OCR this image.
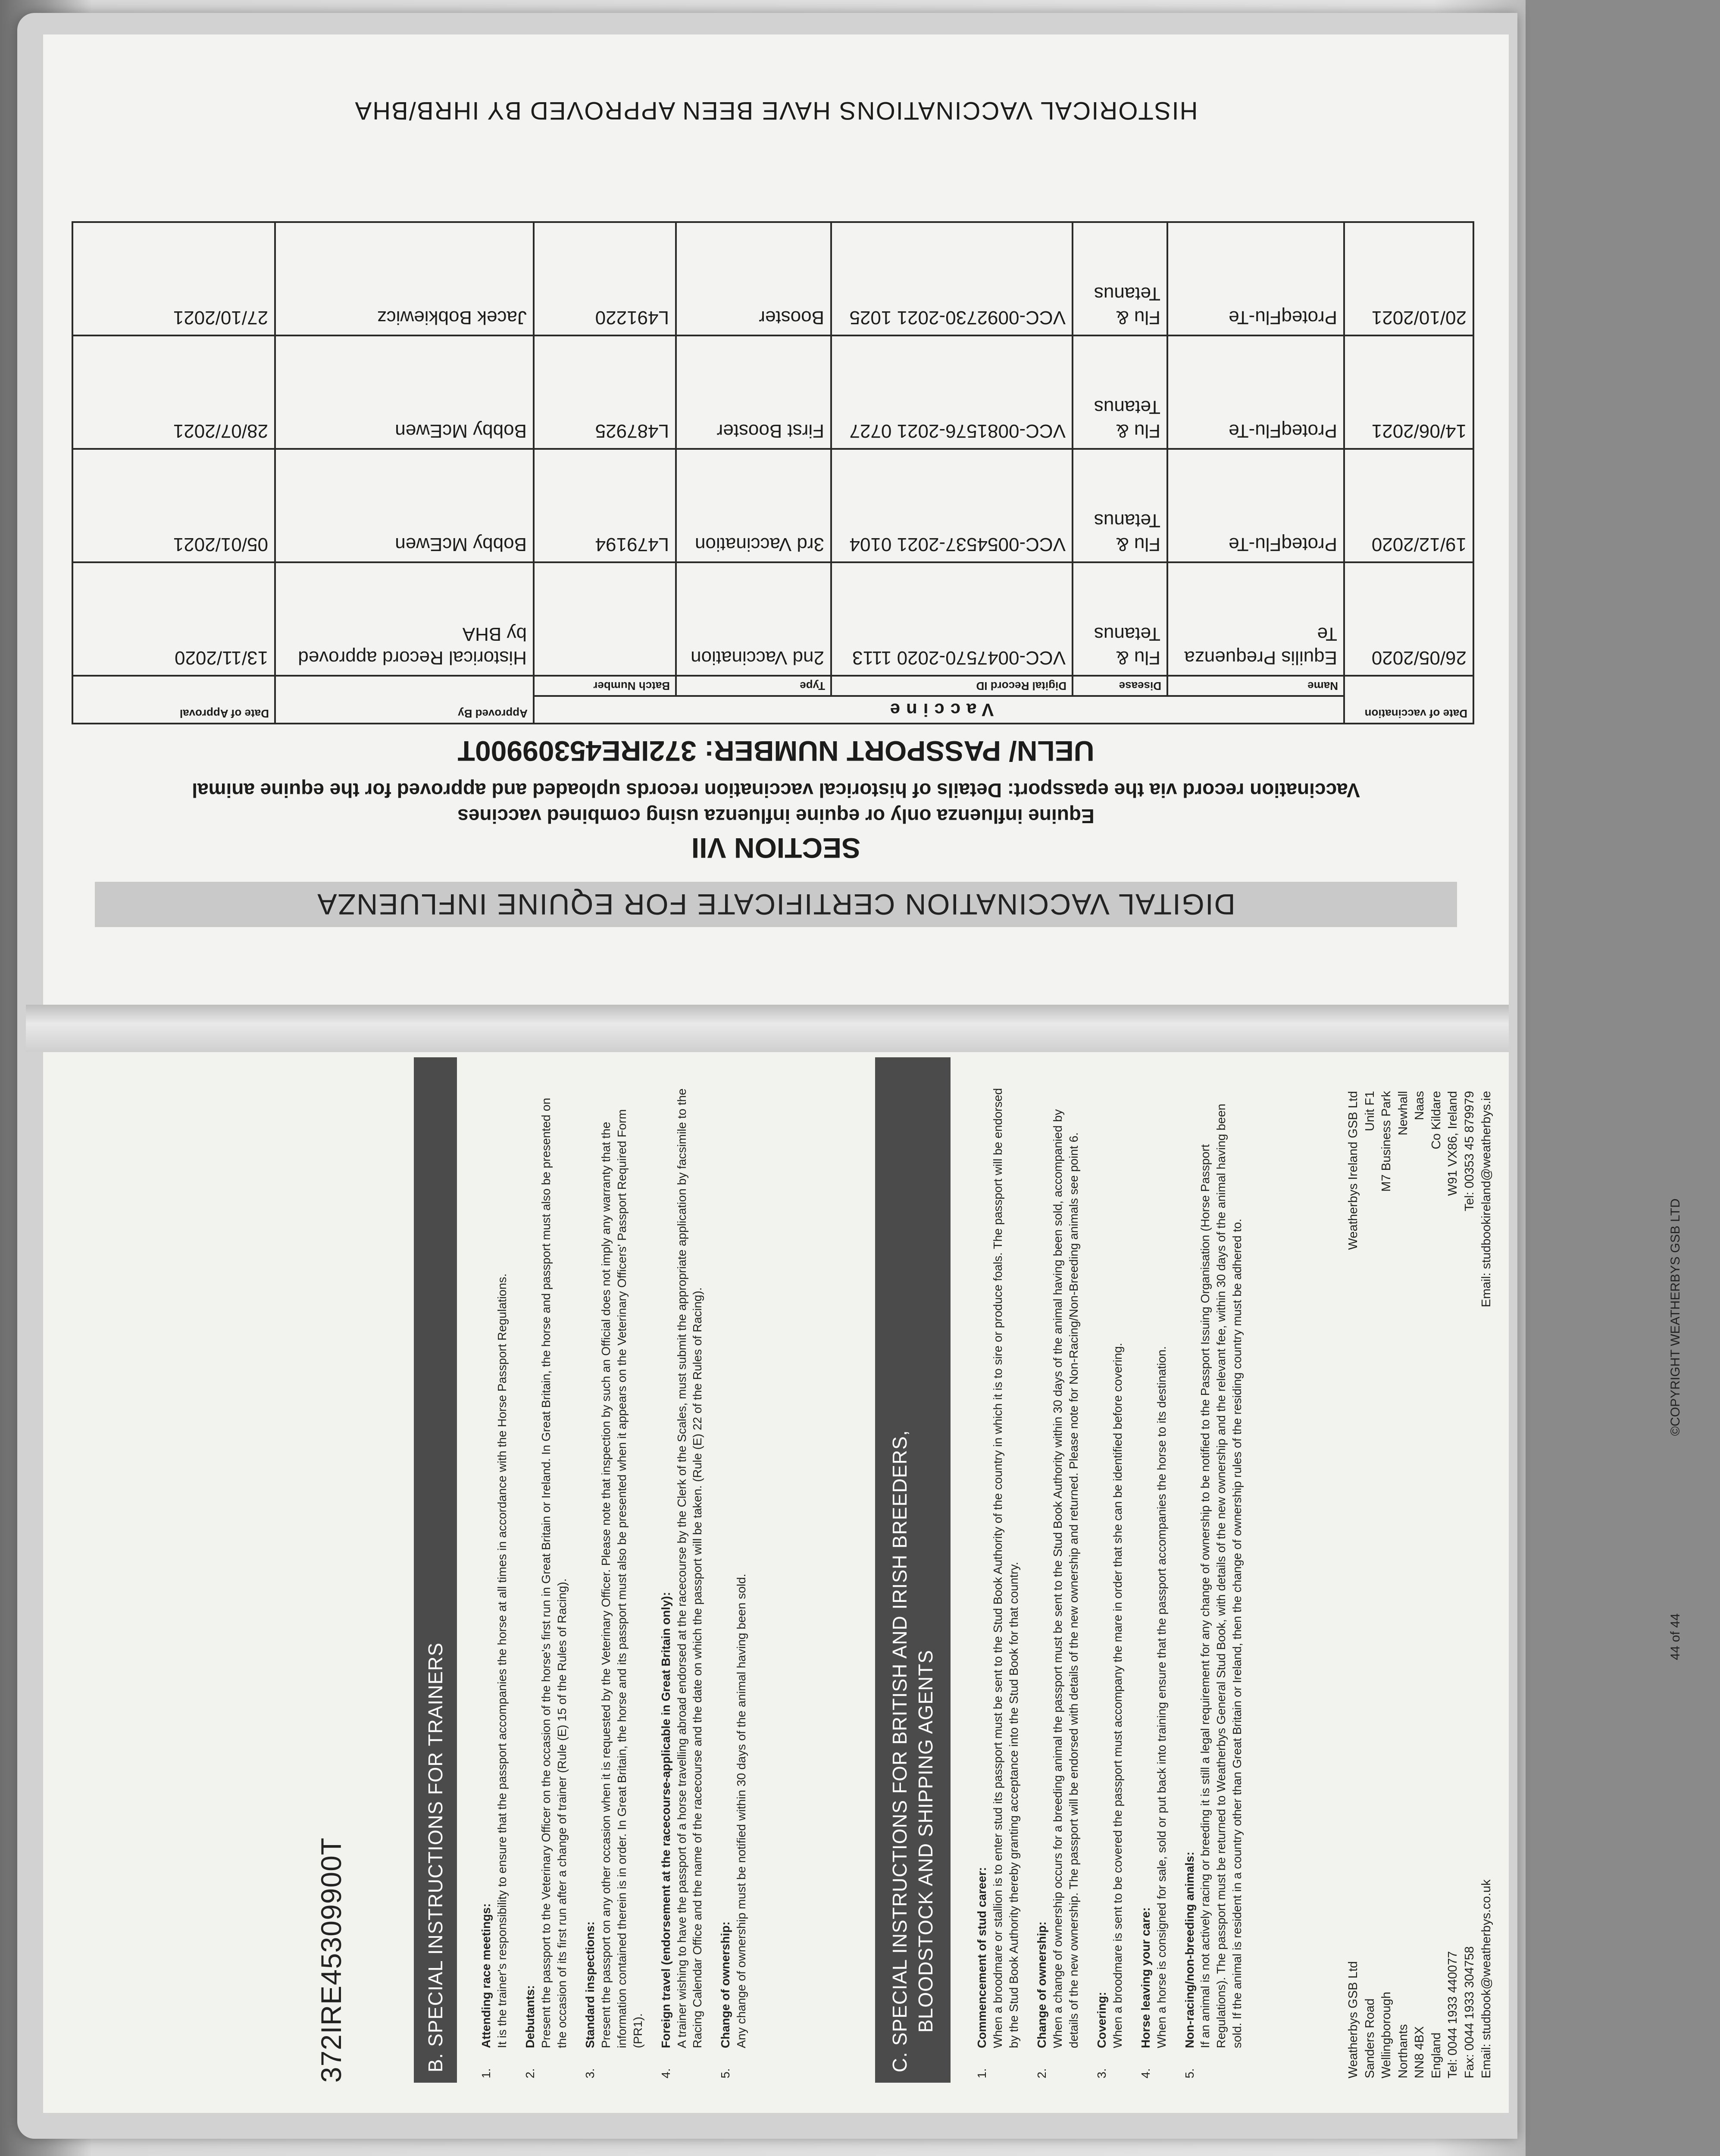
DIGITAL VACCINATION CERTIFICATE FOR EQUINE INFLUENZA
SECTION VII
Equine influenza only or equine influenza using combined vaccines
Vaccination record via the epassport: Details of historical vaccination records uploaded and approved for the equine animal
UELN/ PASSPORT NUMBER: 372IRE45309900T
Date of vaccination	Vaccine					Approved By	Date of Approval
	Name	Disease	Digital Record ID	Type	Batch Number		
26/05/2020	Equilis Prequenza Te	Flu & Tetanus	VCC-0047570-2020 1113	2nd Vaccination		Historical Record approved by BHA	13/11/2020
19/12/2020	ProteqFlu-Te	Flu & Tetanus	VCC-0054537-2021 0104	3rd Vaccination	L479194	Bobby McEwen	05/01/2021
14/06/2021	ProteqFlu-Te	Flu & Tetanus	VCC-0081576-2021 0727	First Booster	L487925	Bobby McEwen	28/07/2021
20/10/2021	ProteqFlu-Te	Flu & Tetanus	VCC-0092730-2021 1025	Booster	L491220	Jacek Bobkiewicz	27/10/2021
HISTORICAL VACCINATIONS HAVE BEEN APPROVED BY IHRB/BHA
372IRE45309900T	B. SPECIAL INSTRUCTIONS FOR TRAINERS
1.
Attending race meetings: It is the trainer's responsibility to ensure that the passport accompanies the horse at all times in accordance with the Horse Passport Regulations.
2.
Debutants: Present the passport to the Veterinary Officer on the occasion of the horse's first run in Great Britain or Ireland. In Great Britain, the horse and passport must also be presented on the occasion of its first run after a change of trainer (Rule (E) 15 of the Rules of Racing).
3.
Standard inspections: Present the passport on any other occasion when it is requested by the Veterinary Officer. Please note that inspection by such an Official does not imply any warranty that the information contained therein is in order. In Great Britain, the horse and its passport must also be presented when it appears on the Veterinary Officers' Passport Required Form (PR1).
4.
Foreign travel (endorsement at the racecourse-applicable in Great Britain only): A trainer wishing to have the passport of a horse travelling abroad endorsed at the racecourse by the Clerk of the Scales, must submit the appropriate application by facsimile to the Racing Calendar Office and the name of the racecourse and the date on which the passport will be taken. (Rule (E) 22 of the Rules of Racing).
5.
Change of ownership: Any change of ownership must be notified within 30 days of the animal having been sold.	C. SPECIAL INSTRUCTIONS FOR BRITISH AND IRISH BREEDERS, BLOODSTOCK AND SHIPPING AGENTS
1.
Commencement of stud career: When a broodmare or stallion is to enter stud its passport must be sent to the Stud Book Authority of the country in which it is to sire or produce foals. The passport will be endorsed by the Stud Book Authority thereby granting acceptance into the Stud Book for that country.
2.
Change of ownership: When a change of ownership occurs for a breeding animal the passport must be sent to the Stud Book Authority within 30 days of the animal having been sold, accompanied by details of the new ownership. The passport will be endorsed with details of the new ownership and returned. Please note for Non-Racing/Non-Breeding animals see point 6.
3.
Covering: When a broodmare is sent to be covered the passport must accompany the mare in order that she can be identified before covering.
4.
Horse leaving your care: When a horse is consigned for sale, sold or put back into training ensure that the passport accompanies the horse to its destination.
5.
Non-racing/non-breeding animals: If an animal is not actively racing or breeding it is still a legal requirement for any change of ownership to be notified to the Passport Issuing Organisation (Horse Passport Regulations). The passport must be returned to Weatherbys General Stud Book, with details of the new ownership and the relevant fee, within 30 days of the animal having been sold. If the animal is resident in a country other than Great Britain or Ireland, then the change of ownership rules of the residing country must be adhered to.	Weatherbys GSB Ltd
Sanders Road
Wellingborough
Northants
NN8 4BX
England
Tel: 0044 1933 440077
Fax: 0044 1933 304758
Email: studbook@weatherbys.co.uk
Weatherbys Ireland GSB Ltd
Unit F1
M7 Business Park
Newhall
Naas
Co Kildare
W91 VX86, Ireland
Tel: 00353 45 879979
Email: studbookireland@weatherbys.ie
44 of 44
©COPYRIGHT WEATHERBYS GSB LTD
